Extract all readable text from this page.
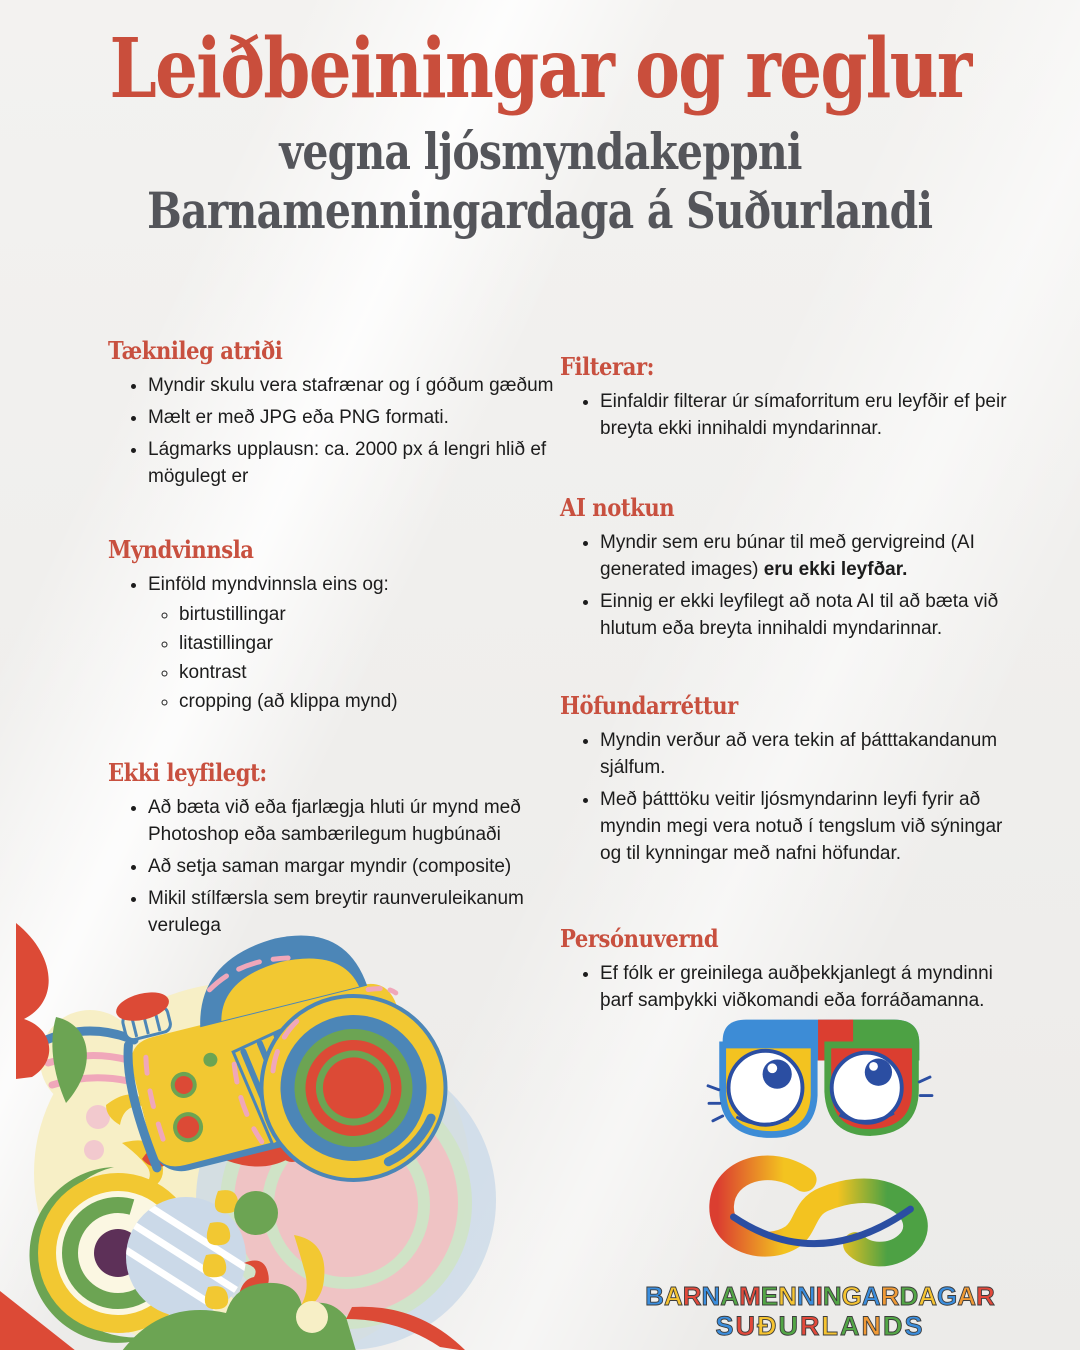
Leiðbeiningar og reglur
vegna ljósmyndakeppni
Barnamenningardaga á Suðurlandi
Tæknileg atriði
• Myndir skulu vera stafrænar og í góðum gæðum
• Mælt er með JPG eða PNG formati.
• Lágmarks upplausn: ca. 2000 px á lengri hlið ef mögulegt er
Myndvinnsla
• Einföld myndvinnsla eins og:
◦ birtustillingar
◦ litastillingar
◦ kontrast
◦ cropping (að klippa mynd)
Ekki leyfilegt:
• Að bæta við eða fjarlægja hluti úr mynd með Photoshop eða sambærilegum hugbúnaði
• Að setja saman margar myndir (composite)
• Mikil stílfærsla sem breytir raunveruleikanum verulega
Filterar:
• Einfaldir filterar úr símaforritum eru leyfðir ef þeir breyta ekki innihaldi myndarinnar.
AI notkun
• Myndir sem eru búnar til með gervigreind (AI generated images) eru ekki leyfðar.
• Einnig er ekki leyfilegt að nota AI til að bæta við hlutum eða breyta innihaldi myndarinnar.
Höfundarréttur
• Myndin verður að vera tekin af þátttakandanum sjálfum.
• Með þátttöku veitir ljósmyndarinn leyfi fyrir að myndin megi vera notuð í tengslum við sýningar og til kynningar með nafni höfundar.
Persónuvernd
• Ef fólk er greinilega auðþekkjanlegt á myndinni þarf samþykki viðkomandi eða forráðamanna.
BARNAMENNINGARDAGAR
SUÐURLANDS
